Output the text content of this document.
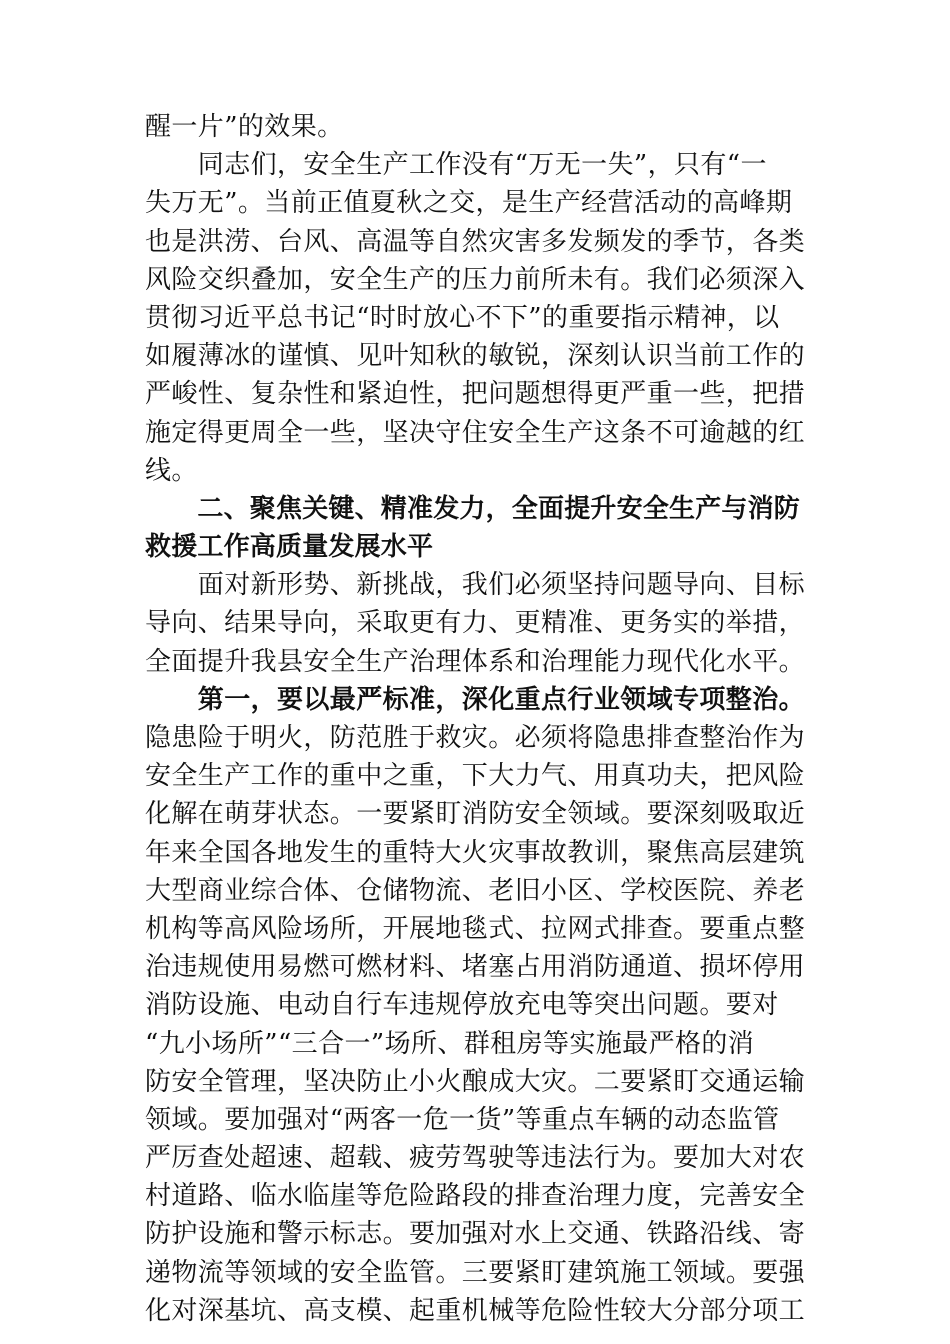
醒一片”的效果。
　　同志们，安全生产工作没有“万无一失”，只有“一
失万无”。当前正值夏秋之交，是生产经营活动的高峰期
也是洪涝、台风、高温等自然灾害多发频发的季节，各类
风险交织叠加，安全生产的压力前所未有。我们必须深入
贯彻习近平总书记“时时放心不下”的重要指示精神，以
如履薄冰的谨慎、见叶知秋的敏锐，深刻认识当前工作的
严峻性、复杂性和紧迫性，把问题想得更严重一些，把措
施定得更周全一些，坚决守住安全生产这条不可逾越的红
线。
　　二、聚焦关键、精准发力，全面提升安全生产与消防
救援工作高质量发展水平
　　面对新形势、新挑战，我们必须坚持问题导向、目标
导向、结果导向，采取更有力、更精准、更务实的举措，
全面提升我县安全生产治理体系和治理能力现代化水平。
　　第一，要以最严标准，深化重点行业领域专项整治。
隐患险于明火，防范胜于救灾。必须将隐患排查整治作为
安全生产工作的重中之重，下大力气、用真功夫，把风险
化解在萌芽状态。一要紧盯消防安全领域。要深刻吸取近
年来全国各地发生的重特大火灾事故教训，聚焦高层建筑
大型商业综合体、仓储物流、老旧小区、学校医院、养老
机构等高风险场所，开展地毯式、拉网式排查。要重点整
治违规使用易燃可燃材料、堵塞占用消防通道、损坏停用
消防设施、电动自行车违规停放充电等突出问题。要对
“九小场所”“三合一”场所、群租房等实施最严格的消
防安全管理，坚决防止小火酿成大灾。二要紧盯交通运输
领域。要加强对“两客一危一货”等重点车辆的动态监管
严厉查处超速、超载、疲劳驾驶等违法行为。要加大对农
村道路、临水临崖等危险路段的排查治理力度，完善安全
防护设施和警示标志。要加强对水上交通、铁路沿线、寄
递物流等领域的安全监管。三要紧盯建筑施工领域。要强
化对深基坑、高支模、起重机械等危险性较大分部分项工
